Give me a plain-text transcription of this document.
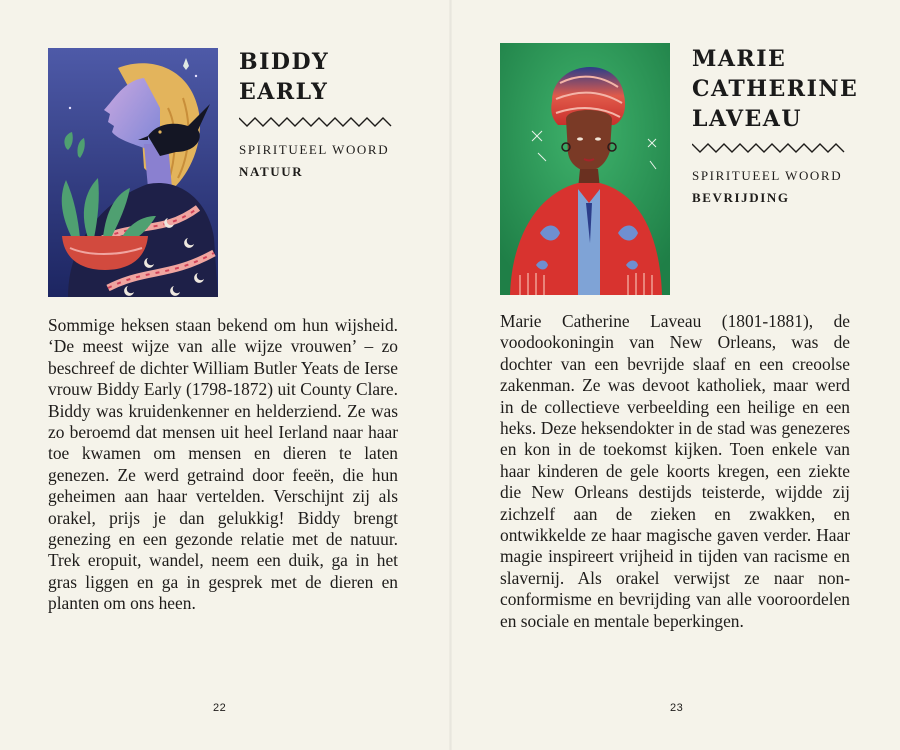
BIDDY
EARLY

SPIRITUEEL WOORD

NATUUR

Sommige heksen staan bekend om hun wijsheid. ‘De meest wijze van alle wijze vrouwen’ – zo beschreef de dichter William Butler Yeats de Ierse vrouw Biddy Early (1798-1872) uit County Clare. Biddy was kruidenkenner en helderziend. Ze was zo beroemd dat mensen uit heel Ierland naar haar toe kwamen om mensen en dieren te laten genezen. Ze werd getraind door feeën, die hun geheimen aan haar vertelden. Verschijnt zij als orakel, prijs je dan gelukkig! Biddy brengt genezing en een gezonde relatie met de natuur. Trek eropuit, wandel, neem een duik, ga in het gras liggen en ga in gesprek met de dieren en planten om ons heen.

22
MARIE
CATHERINE
LAVEAU

SPIRITUEEL WOORD

BEVRIJDING

Marie Catherine Laveau (1801-1881), de voodookoningin van New Orleans, was de dochter van een bevrijde slaaf en een creoolse zakenman. Ze was devoot katholiek, maar werd in de collectieve verbeelding een heilige en een heks. Deze heksendokter in de stad was genezeres en kon in de toekomst kijken. Toen enkele van haar kinderen de gele koorts kregen, een ziekte die New Orleans destijds teisterde, wijdde zij zichzelf aan de zieken en zwakken, en ontwikkelde ze haar magische gaven verder. Haar magie inspireert vrijheid in tijden van racisme en slavernij. Als orakel verwijst ze naar non-conformisme en bevrijding van alle vooroordelen en sociale en mentale beperkingen.

23
